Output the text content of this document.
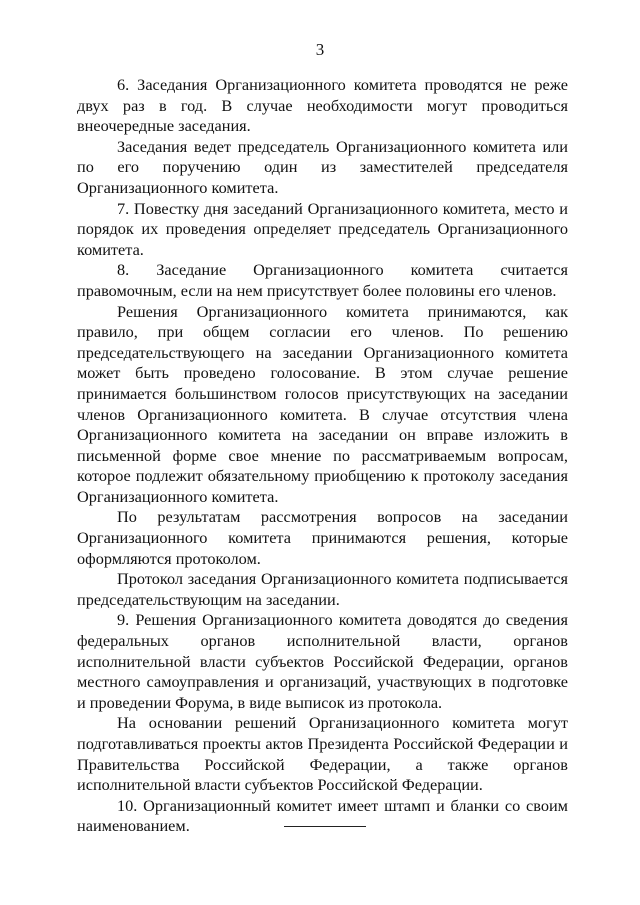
3

6. Заседания Организационного комитета проводятся не реже двух раз в год. В случае необходимости могут проводиться внеочередные заседания.

Заседания ведет председатель Организационного комитета или по его поручению один из заместителей председателя Организационного комитета.

7. Повестку дня заседаний Организационного комитета, место и порядок их проведения определяет председатель Организационного комитета.

8. Заседание Организационного комитета считается правомочным, если на нем присутствует более половины его членов.

Решения Организационного комитета принимаются, как правило, при общем согласии его членов. По решению председательствующего на заседании Организационного комитета может быть проведено голосование. В этом случае решение принимается большинством голосов присутствующих на заседании членов Организационного комитета. В случае отсутствия члена Организационного комитета на заседании он вправе изложить в письменной форме свое мнение по рассматриваемым вопросам, которое подлежит обязательному приобщению к протоколу заседания Организационного комитета.

По результатам рассмотрения вопросов на заседании Организационного комитета принимаются решения, которые оформляются протоколом.

Протокол заседания Организационного комитета подписывается председательствующим на заседании.

9. Решения Организационного комитета доводятся до сведения федеральных органов исполнительной власти, органов исполнительной власти субъектов Российской Федерации, органов местного самоуправления и организаций, участвующих в подготовке и проведении Форума, в виде выписок из протокола.

На основании решений Организационного комитета могут подготавливаться проекты актов Президента Российской Федерации и Правительства Российской Федерации, а также органов исполнительной власти субъектов Российской Федерации.

10. Организационный комитет имеет штамп и бланки со своим наименованием.
